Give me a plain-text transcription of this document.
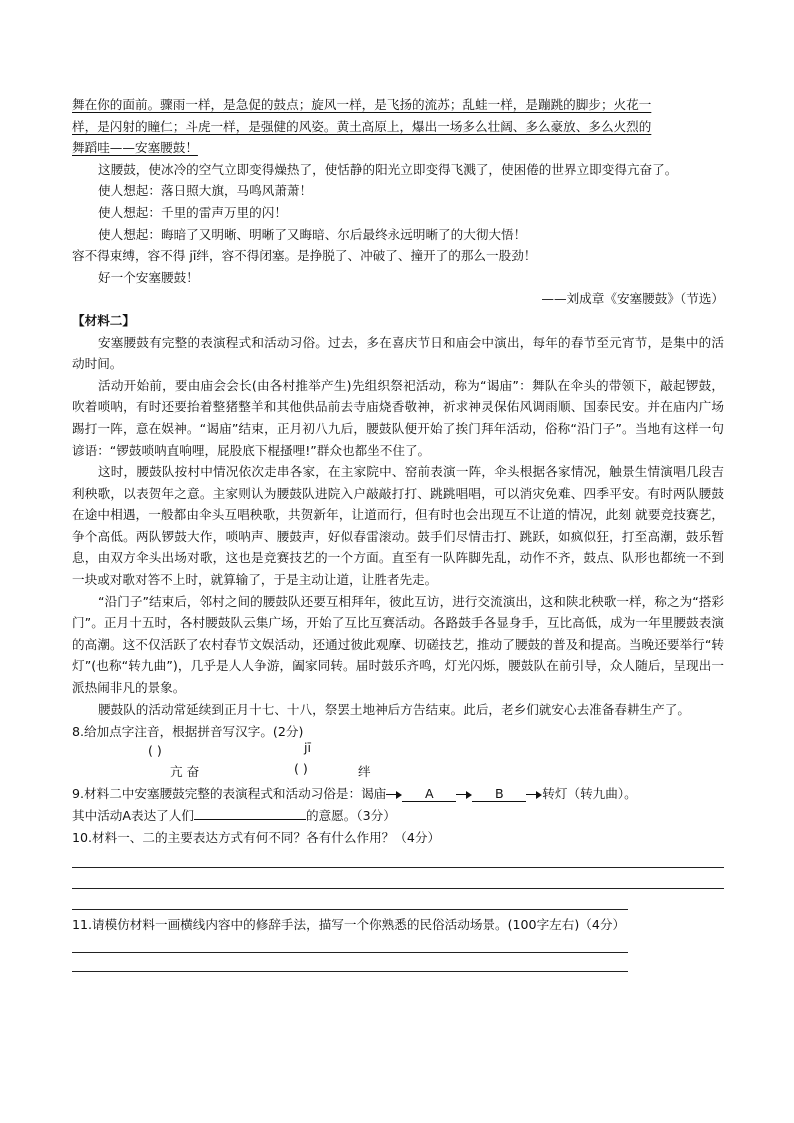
舞在你的面前。骤雨一样，是急促的鼓点；旋风一样，是飞扬的流苏；乱蛙一样，是蹦跳的脚步；火花一

样，是闪射的瞳仁；斗虎一样，是强健的风姿。黄土高原上，爆出一场多么壮阔、多么豪放、多么火烈的

舞蹈哇——安塞腰鼓！

这腰鼓，使冰冷的空气立即变得燥热了，使恬静的阳光立即变得飞溅了，使困倦的世界立即变得亢奋了。

使人想起：落日照大旗，马鸣风萧萧！

使人想起：千里的雷声万里的闪！

使人想起：晦暗了又明晰、明晰了又晦暗、尔后最终永远明晰了的大彻大悟！

容不得束缚，容不得 jī绊，容不得闭塞。是挣脱了、冲破了、撞开了的那么一股劲！

好一个安塞腰鼓！

——刘成章《安塞腰鼓》（节选）

【材料二】

安塞腰鼓有完整的表演程式和活动习俗。过去，多在喜庆节日和庙会中演出，每年的春节至元宵节，是集中的活动时间。

活动开始前，要由庙会会长(由各村推举产生)先组织祭祀活动，称为“谒庙”：舞队在伞头的带领下，敲起锣鼓，吹着唢呐，有时还要抬着整猪整羊和其他供品前去寺庙烧香敬神，祈求神灵保佑风调雨顺、国泰民安。并在庙内广场踢打一阵，意在娱神。“谒庙”结束，正月初八九后，腰鼓队便开始了挨门拜年活动，俗称“沿门子”。当地有这样一句谚语：“锣鼓唢呐直响哩，屁股底下棍搔哩!”群众也都坐不住了。

这时，腰鼓队按村中情况依次走串各家，在主家院中、窑前表演一阵，伞头根据各家情况，触景生情演唱几段吉利秧歌，以表贺年之意。主家则认为腰鼓队进院入户敲敲打打、跳跳唱唱，可以消灾免难、四季平安。有时两队腰鼓在途中相遇，一般都由伞头互唱秧歌，共贺新年，让道而行，但有时也会出现互不让道的情况，此刻 就要竞技赛艺，争个高低。两队锣鼓大作，唢呐声、腰鼓声，好似春雷滚动。鼓手们尽情击打、跳跃，如疯似狂，打至高潮，鼓乐暂息，由双方伞头出场对歌，这也是竞赛技艺的一个方面。直至有一队阵脚先乱，动作不齐，鼓点、队形也都统一不到一块或对歌对答不上时，就算输了，于是主动让道，让胜者先走。

“沿门子”结束后，邻村之间的腰鼓队还要互相拜年，彼此互访，进行交流演出，这和陕北秧歌一样，称之为“搭彩门”。正月十五时，各村腰鼓队云集广场，开始了互比互赛活动。各路鼓手各显身手，互比高低，成为一年里腰鼓表演的高潮。这不仅活跃了农村春节文娱活动，还通过彼此观摩、切磋技艺，推动了腰鼓的普及和提高。当晚还要举行“转灯”(也称“转九曲”)，几乎是人人争游，阖家同转。届时鼓乐齐鸣，灯光闪烁，腰鼓队在前引导，众人随后，呈现出一派热闹非凡的景象。

腰鼓队的活动常延续到正月十七、十八，祭罢土地神后方告结束。此后，老乡们就安心去准备春耕生产了。

8.给加点字注音，根据拼音写汉字。(2分)

( )	jī
亢 奋	( )	绊

9.材料二中安塞腰鼓完整的表演程式和活动习俗是：谒庙	A	B	转灯（转九曲）。

其中活动A表达了人们	的意愿。（3分）

10.材料一、二的主要表达方式有何不同？各有什么作用？（4分）

11.请模仿材料一画横线内容中的修辞手法，描写一个你熟悉的民俗活动场景。(100字左右)（4分）
